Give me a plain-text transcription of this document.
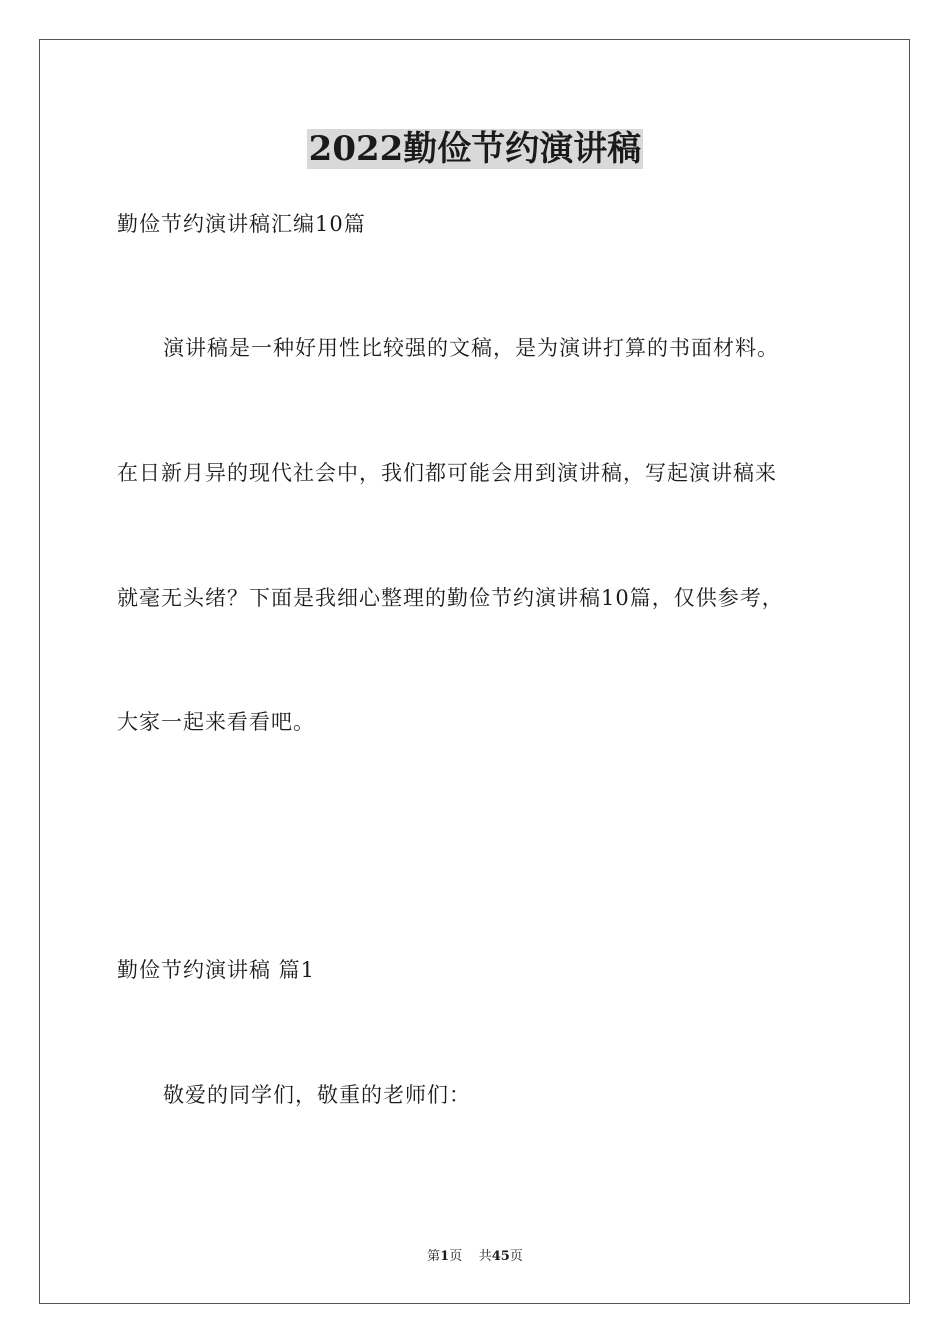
2022勤俭节约演讲稿
勤俭节约演讲稿汇编10篇
演讲稿是一种好用性比较强的文稿，是为演讲打算的书面材料。
在日新月异的现代社会中，我们都可能会用到演讲稿，写起演讲稿来
就毫无头绪？下面是我细心整理的勤俭节约演讲稿10篇，仅供参考，
大家一起来看看吧。
勤俭节约演讲稿 篇1
敬爱的同学们，敬重的老师们：
第1页 共45页
